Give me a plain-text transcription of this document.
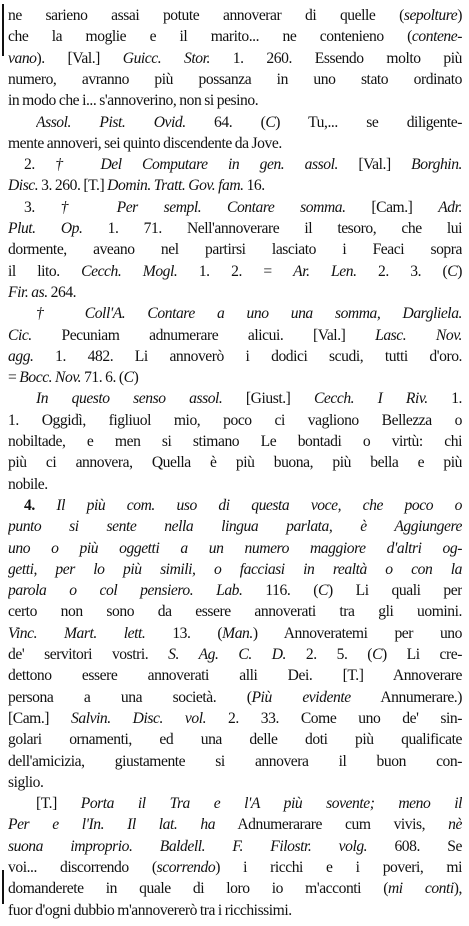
ne sarieno assai potute annoverar di quelle (sepolture)
che la moglie e il marito... ne contenieno (contene-
vano). [Val.] Guicc. Stor. 1. 260. Essendo molto più
numero, avranno più possanza in uno stato ordinato
in modo che i... s'annoverino, non si pesino.
Assol. Pist. Ovid. 64. (C) Tu,... se diligente-
mente annoveri, sei quinto discendente da Jove.
2. † Del Computare in gen. assol. [Val.] Borghin.
Disc. 3. 260. [T.] Domin. Tratt. Gov. fam. 16.
3. † Per sempl. Contare somma. [Cam.] Adr.
Plut. Op. 1. 71. Nell'annoverare il tesoro, che lui
dormente, aveano nel partirsi lasciato i Feaci sopra
il lito. Cecch. Mogl. 1. 2. = Ar. Len. 2. 3. (C)
Fir. as. 264.
† Coll'A. Contare a uno una somma, Dargliela.
Cic. Pecuniam adnumerare alicui. [Val.] Lasc. Nov.
agg. 1. 482. Li annoverò i dodici scudi, tutti d'oro.
= Bocc. Nov. 71. 6. (C)
In questo senso assol. [Giust.] Cecch. I Riv. 1.
1. Oggidì, figliuol mio, poco ci vagliono Bellezza o
nobiltade, e men si stimano Le bontadi o virtù: chi
più ci annovera, Quella è più buona, più bella e più
nobile.
4. Il più com. uso di questa voce, che poco o
punto si sente nella lingua parlata, è Aggiungere
uno o più oggetti a un numero maggiore d'altri og-
getti, per lo più simili, o facciasi in realtà o con la
parola o col pensiero. Lab. 116. (C) Li quali per
certo non sono da essere annoverati tra gli uomini.
Vinc. Mart. lett. 13. (Man.) Annoveratemi per uno
de' servitori vostri. S. Ag. C. D. 2. 5. (C) Li cre-
dettono essere annoverati alli Dei. [T.] Annoverare
persona a una società. (Più evidente Annumerare.)
[Cam.] Salvin. Disc. vol. 2. 33. Come uno de' sin-
golari ornamenti, ed una delle doti più qualificate
dell'amicizia, giustamente si annovera il buon con-
siglio.
[T.] Porta il Tra e l'A più sovente; meno il
Per e l'In. Il lat. ha Adnumerarare cum vivis, nè
suona improprio. Baldell. F. Filostr. volg. 608. Se
voi... discorrendo (scorrendo) i ricchi e i poveri, mi
domanderete in quale di loro io m'acconti (mi conti),
fuor d'ogni dubbio m'annovererò tra i ricchissimi.
